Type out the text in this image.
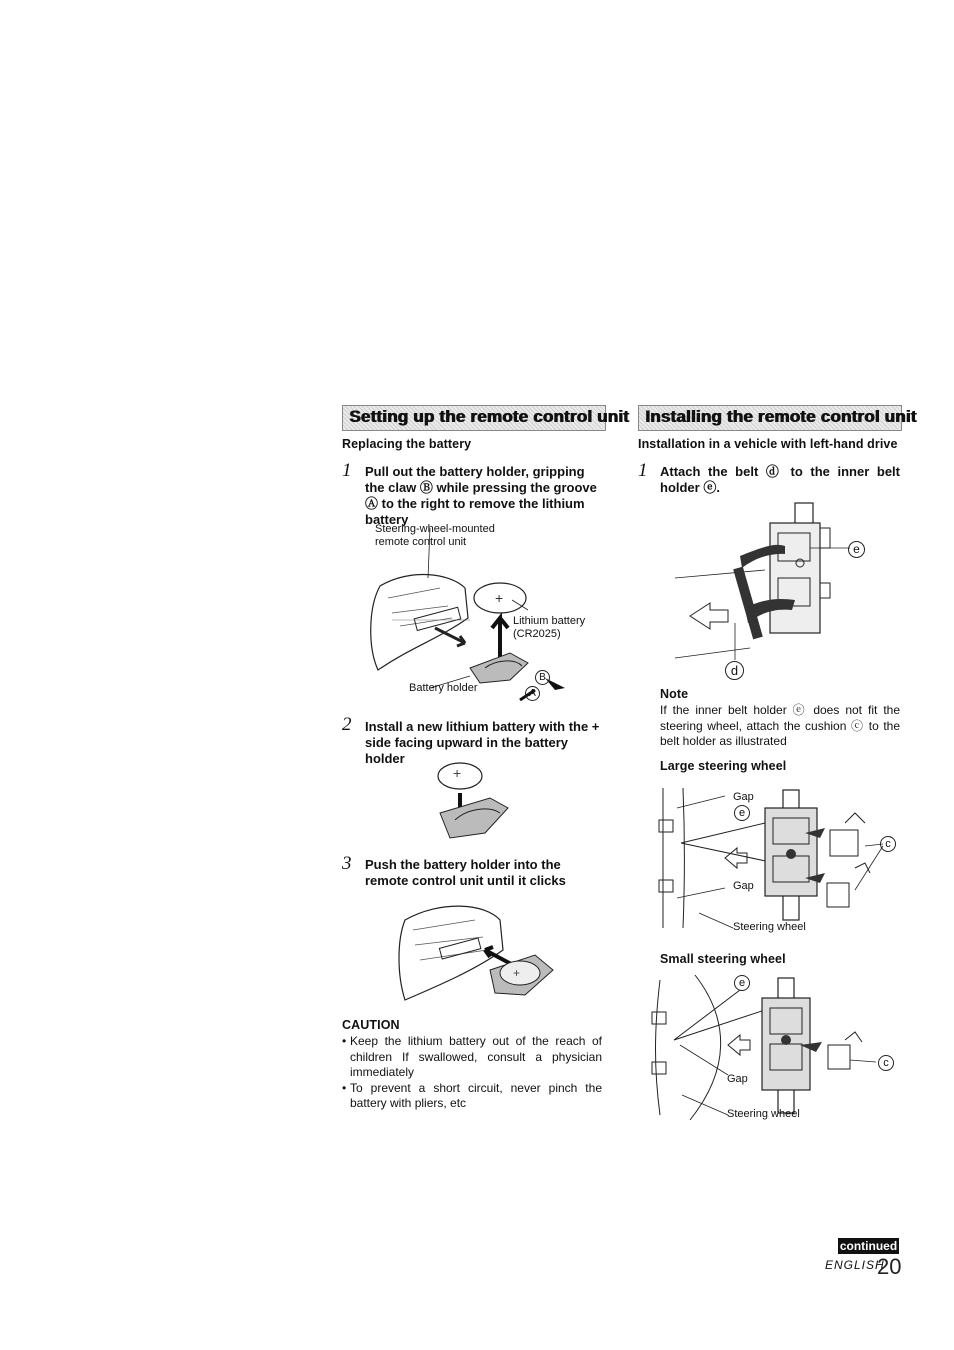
Setting up the remote control unit
Replacing the battery
1 Pull out the battery holder, gripping the claw Ⓑ while pressing the groove Ⓐ to the right to remove the lithium battery
+
Steering-wheel-mounted
remote control unit
Lithium battery
(CR2025)
Battery holder
B
A
2 Install a new lithium battery with the + side facing upward in the battery holder
+
3 Push the battery holder into the remote control unit until it clicks
+
CAUTION
• Keep the lithium battery out of the reach of children If swallowed, consult a physician immediately
• To prevent a short circuit, never pinch the battery with pliers, etc
Installing the remote control unit
Installation in a vehicle with left-hand drive
1 Attach the belt ⓓ to the inner belt holder ⓔ.
e
d
Note
If the inner belt holder ⓔ does not fit the steering wheel, attach the cushion ⓒ to the belt holder as illustrated
Large steering wheel
Gap
Gap
Steering wheel
e
c
Small steering wheel
Gap
Steering wheel
e
c
continued
ENGLISH
20
